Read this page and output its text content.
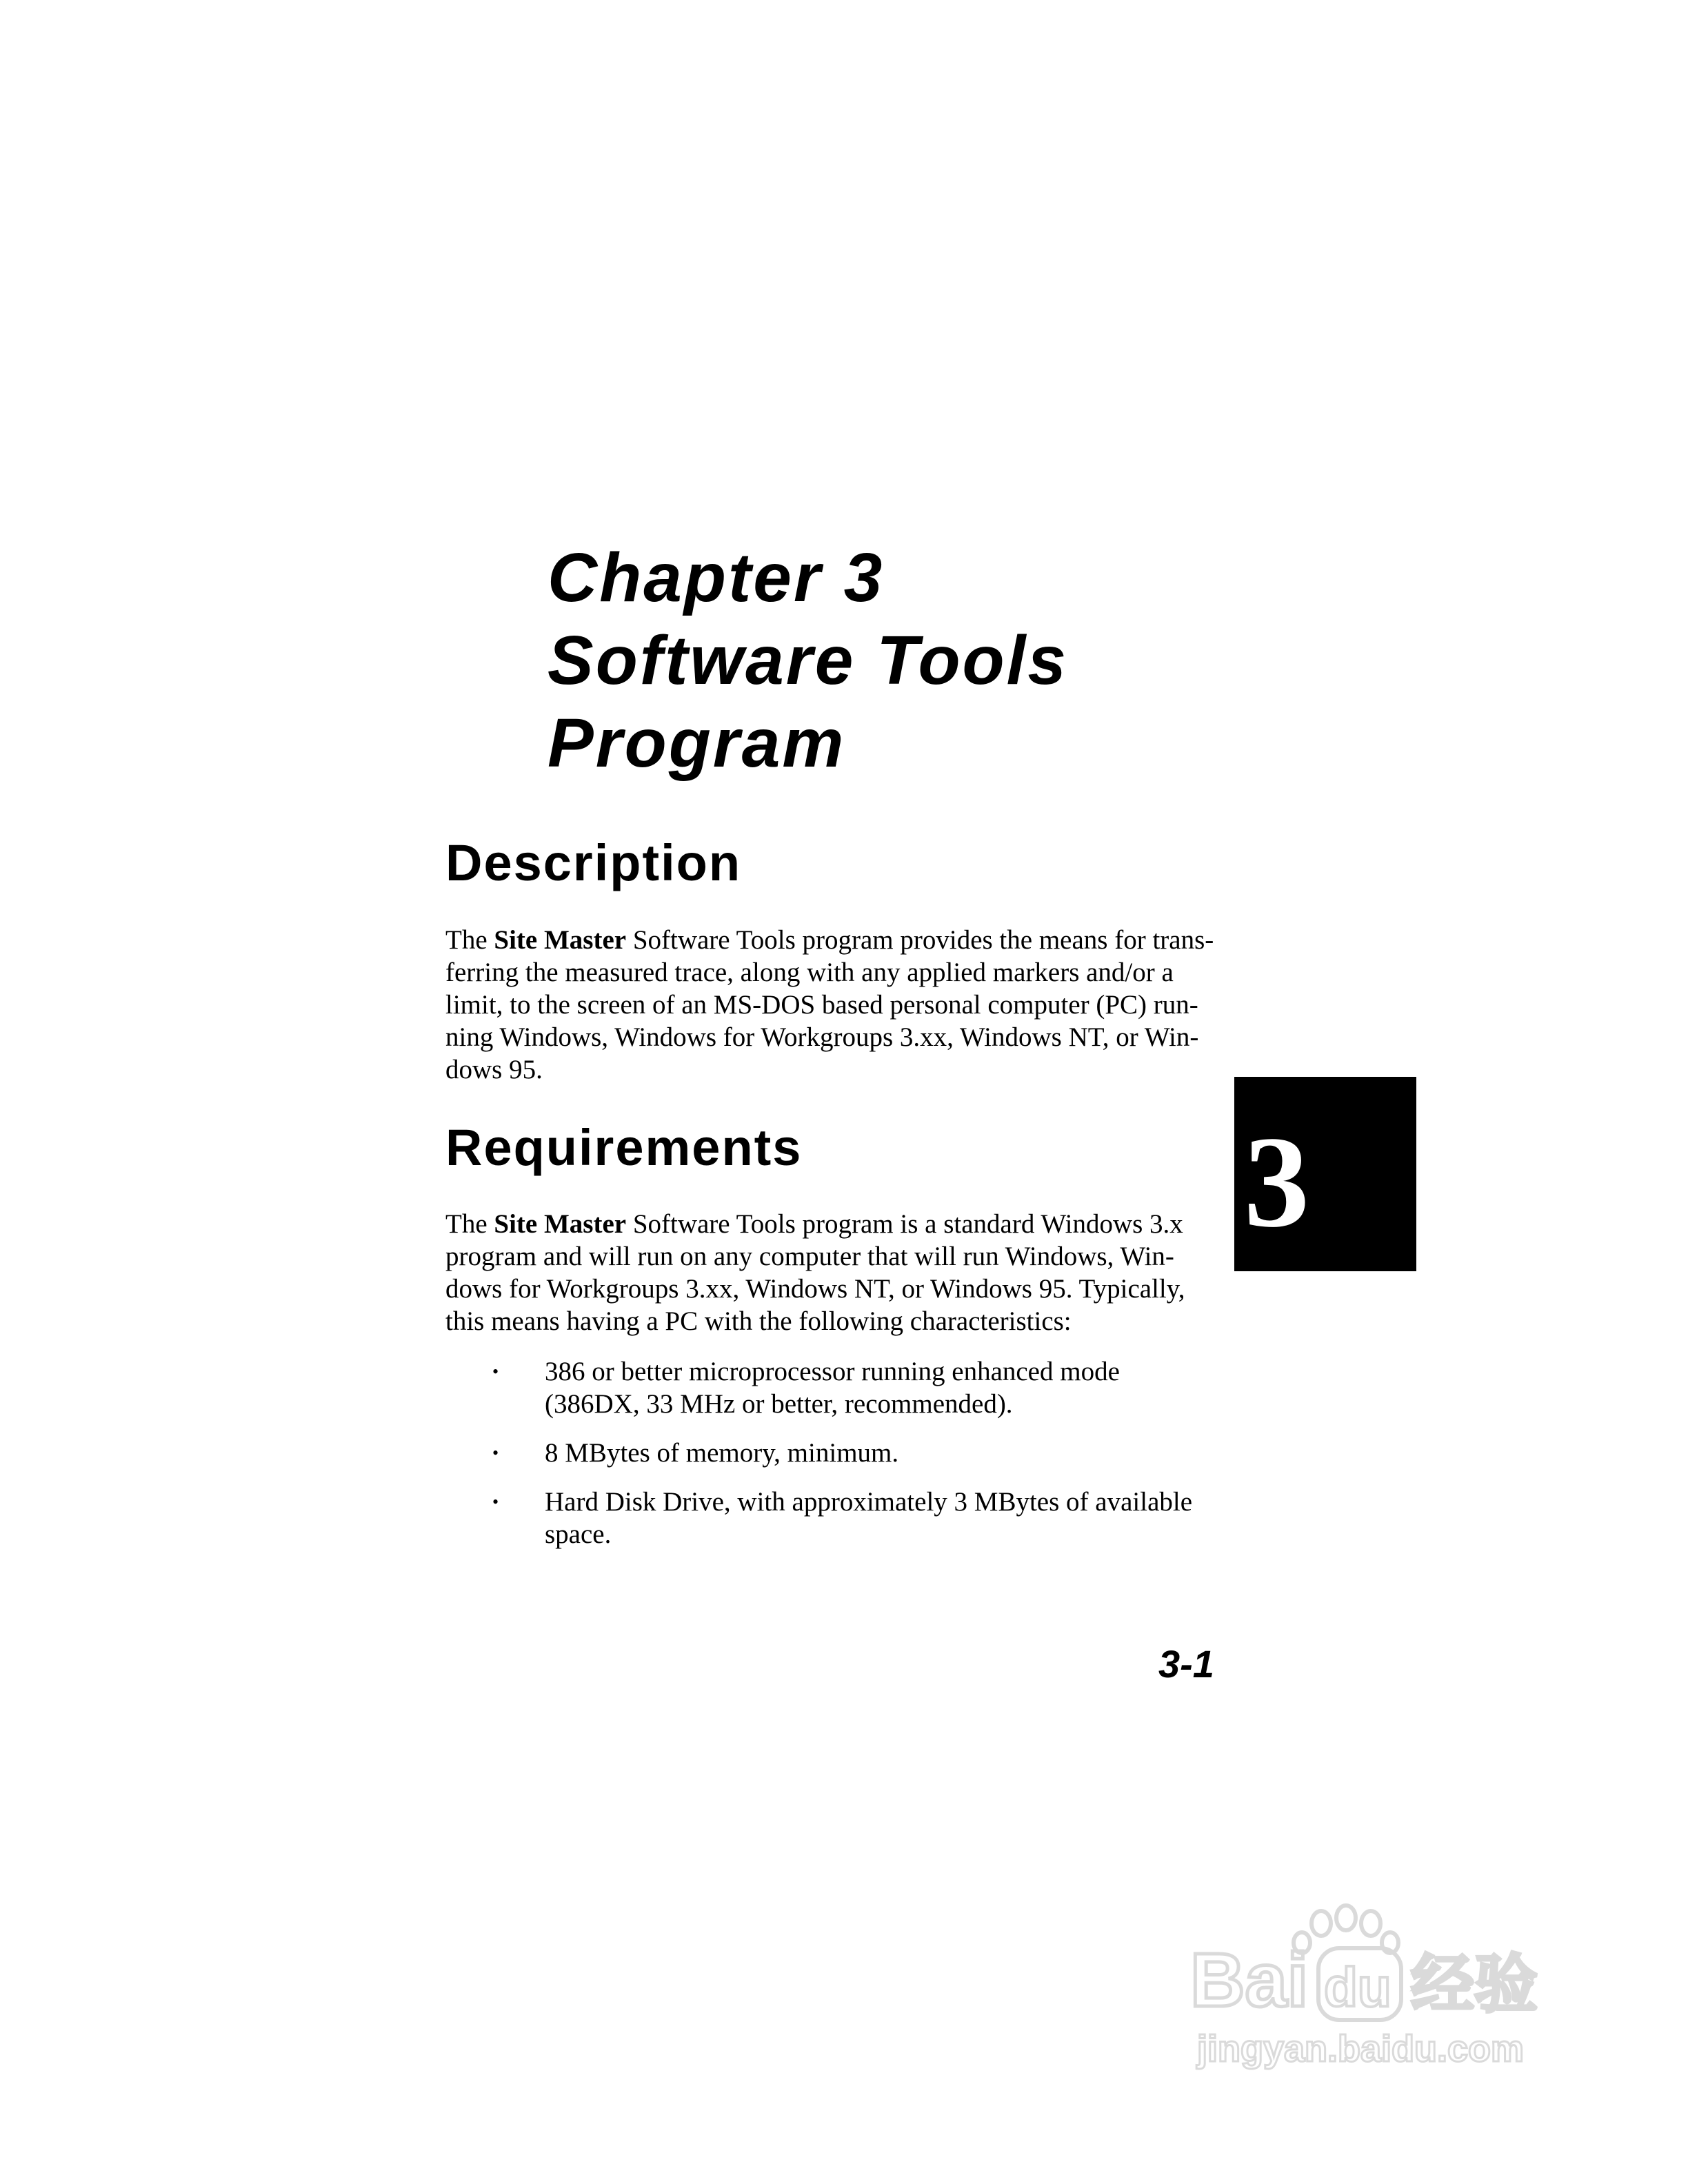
Chapter 3
Software Tools
Program
Description

The Site Master Software Tools program provides the means for trans-
ferring the measured trace, along with any applied markers and/or a
limit, to the screen of an MS-DOS based personal computer (PC) run-
ning Windows, Windows for Workgroups 3.xx, Windows NT, or Win-
dows 95.

Requirements

The Site Master Software Tools program is a standard Windows 3.x
program and will run on any computer that will run Windows, Win-
dows for Workgroups 3.xx, Windows NT, or Windows 95. Typically,
this means having a PC with the following characteristics:

• 386 or better microprocessor running enhanced mode
(386DX, 33 MHz or better, recommended).
• 8 MBytes of memory, minimum.
• Hard Disk Drive, with approximately 3 MBytes of available
space.
3
3-1
Bai du 经验
jingyan.baidu.com
